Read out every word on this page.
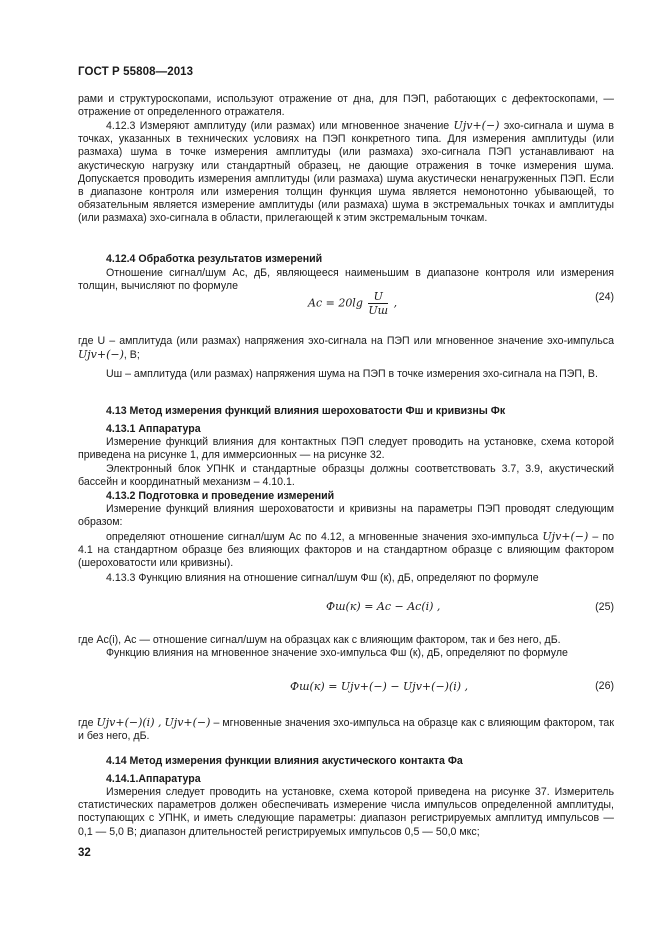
ГОСТ Р 55808—2013
рами и структуроскопами, используют отражение от дна, для ПЭП, работающих с дефектоскопами, — отражение от определенного отражателя.
4.12.3 Измеряют амплитуду (или размах) или мгновенное значение Ujv+(−) эхо-сигнала и шума в точках, указанных в технических условиях на ПЭП конкретного типа. Для измерения амплитуды (или размаха) шума в точке измерения амплитуды (или размаха) эхо-сигнала ПЭП устанавливают на акустическую нагрузку или стандартный образец, не дающие отражения в точке измерения шума. Допускается проводить измерения амплитуды (или размаха) шума акустически ненагруженных ПЭП. Если в диапазоне контроля или измерения толщин функция шума является немонотонно убывающей, то обязательным является измерение амплитуды (или размаха) шума в экстремальных точках и амплитуды (или размаха) эхо-сигнала в области, прилегающей к этим экстремальным точкам.
4.12.4 Обработка результатов измерений
Отношение сигнал/шум Aс, дБ, являющееся наименьшим в диапазоне контроля или измерения толщин, вычисляют по формуле
Aс = $20\lg \frac{U}{Uш}$ ,	(24)
где U – амплитуда (или размах) напряжения эхо-сигнала на ПЭП или мгновенное значение эхо-импульса Ujv+(−), В;
Uш – амплитуда (или размах) напряжения шума на ПЭП в точке измерения эхо-сигнала на ПЭП, В.
4.13 Метод измерения функций влияния шероховатости Фш и кривизны Фк
4.13.1 Аппаратура
Измерение функций влияния для контактных ПЭП следует проводить на установке, схема которой приведена на рисунке 1, для иммерсионных — на рисунке 32.
Электронный блок УПНК и стандартные образцы должны соответствовать 3.7, 3.9, акустический бассейн и координатный механизм – 4.10.1.
4.13.2 Подготовка и проведение измерений
Измерение функций влияния шероховатости и кривизны на параметры ПЭП проводят следующим образом:
определяют отношение сигнал/шум Aс по 4.12, а мгновенные значения эхо-импульса Ujv+(−) – по 4.1 на стандартном образце без влияющих факторов и на стандартном образце с влияющим фактором (шероховатости или кривизны).
4.13.3 Функцию влияния на отношение сигнал/шум Фш (к), дБ, определяют по формуле
Фш(к) = Aс − Aс(i) ,	(25)
где Aс(i), Aс — отношение сигнал/шум на образцах как с влияющим фактором, так и без него, дБ.
Функцию влияния на мгновенное значение эхо-импульса Фш (к), дБ, определяют по формуле
Фш(к) = Ujv+(−) − Ujv+(−)(i) ,	(26)
где Ujv+(−)(i) , Ujv+(−) – мгновенные значения эхо-импульса на образце как с влияющим фактором, так и без него, дБ.
4.14 Метод измерения функции влияния акустического контакта Фа
4.14.1.Аппаратура
Измерения следует проводить на установке, схема которой приведена на рисунке 37. Измеритель статистических параметров должен обеспечивать измерение числа импульсов определенной амплитуды, поступающих с УПНК, и иметь следующие параметры: диапазон регистрируемых амплитуд импульсов — 0,1 — 5,0 В; диапазон длительностей регистрируемых импульсов 0,5 — 50,0 мкс;
32
